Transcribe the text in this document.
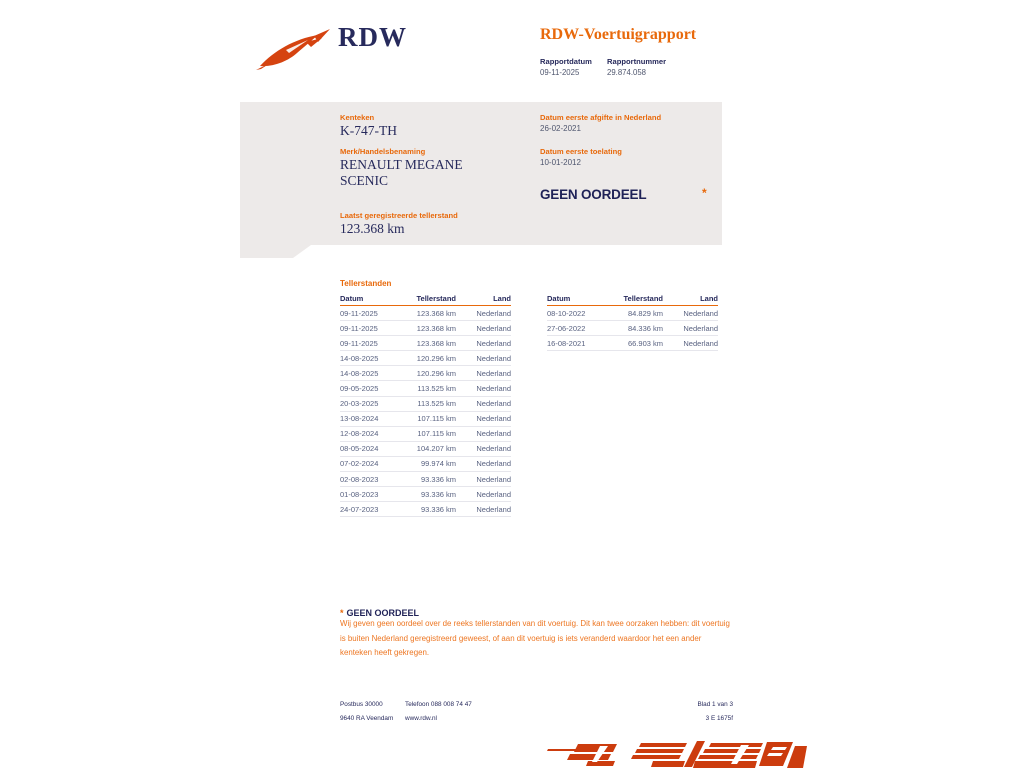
RDW	RDW-Voertuigrapport
Rapportdatum Rapportnummer
09-11-2025	29.874.058
Kenteken
K-747-TH
Merk/Handelsbenaming
RENAULT MEGANE SCENIC
Laatst geregistreerde tellerstand
123.368 km
Datum eerste afgifte in Nederland
26-02-2021
Datum eerste toelating
10-01-2012
GEEN OORDEEL	*
Tellerstanden
Datum	Tellerstand	Land
09-11-2025	123.368 km	Nederland
09-11-2025	123.368 km	Nederland
09-11-2025	123.368 km	Nederland
14-08-2025	120.296 km	Nederland
14-08-2025	120.296 km	Nederland
09-05-2025	113.525 km	Nederland
20-03-2025	113.525 km	Nederland
13-08-2024	107.115 km	Nederland
12-08-2024	107.115 km	Nederland
08-05-2024	104.207 km	Nederland
07-02-2024	99.974 km	Nederland
02-08-2023	93.336 km	Nederland
01-08-2023	93.336 km	Nederland
24-07-2023	93.336 km	Nederland
Datum	Tellerstand	Land
08-10-2022	84.829 km	Nederland
27-06-2022	84.336 km	Nederland
16-08-2021	66.903 km	Nederland
* GEEN OORDEEL
Wij geven geen oordeel over de reeks tellerstanden van dit voertuig. Dit kan twee oorzaken hebben: dit voertuig is buiten Nederland geregistreerd geweest, of aan dit voertuig is iets veranderd waardoor het een ander kenteken heeft gekregen.
Postbus 30000
9640 RA Veendam
Telefoon 088 008 74 47
www.rdw.nl
Blad 1 van 3
3 E 1675f
